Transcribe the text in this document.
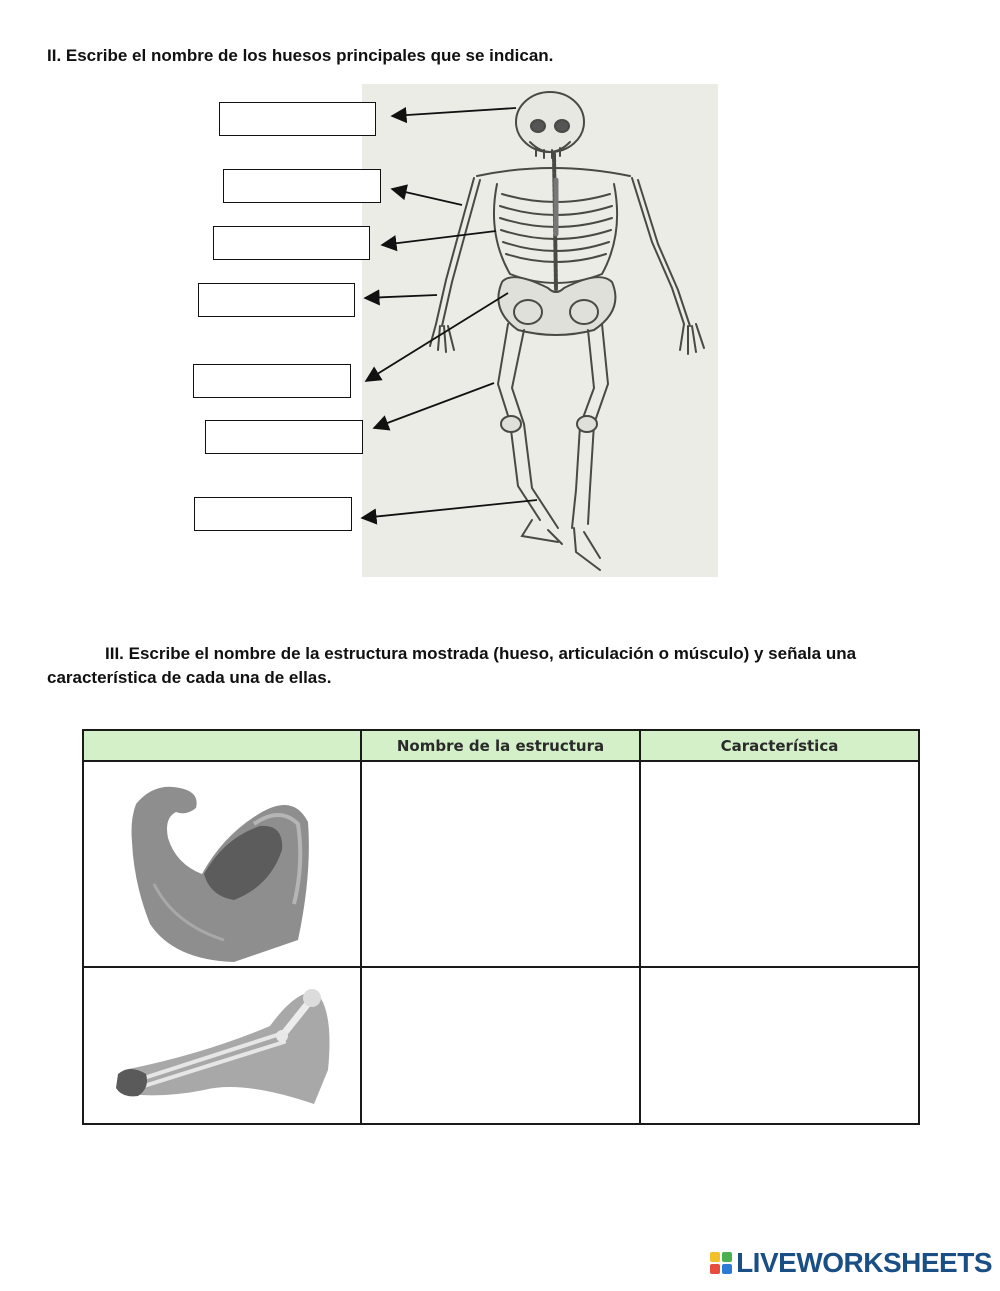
II. Escribe el nombre de los huesos principales que se indican.

III. Escribe el nombre de la estructura mostrada (hueso, articulación o músculo) y señala una característica de cada una de ellas.

	Nombre de la estructura	Característica

LIVEWORKSHEETS
